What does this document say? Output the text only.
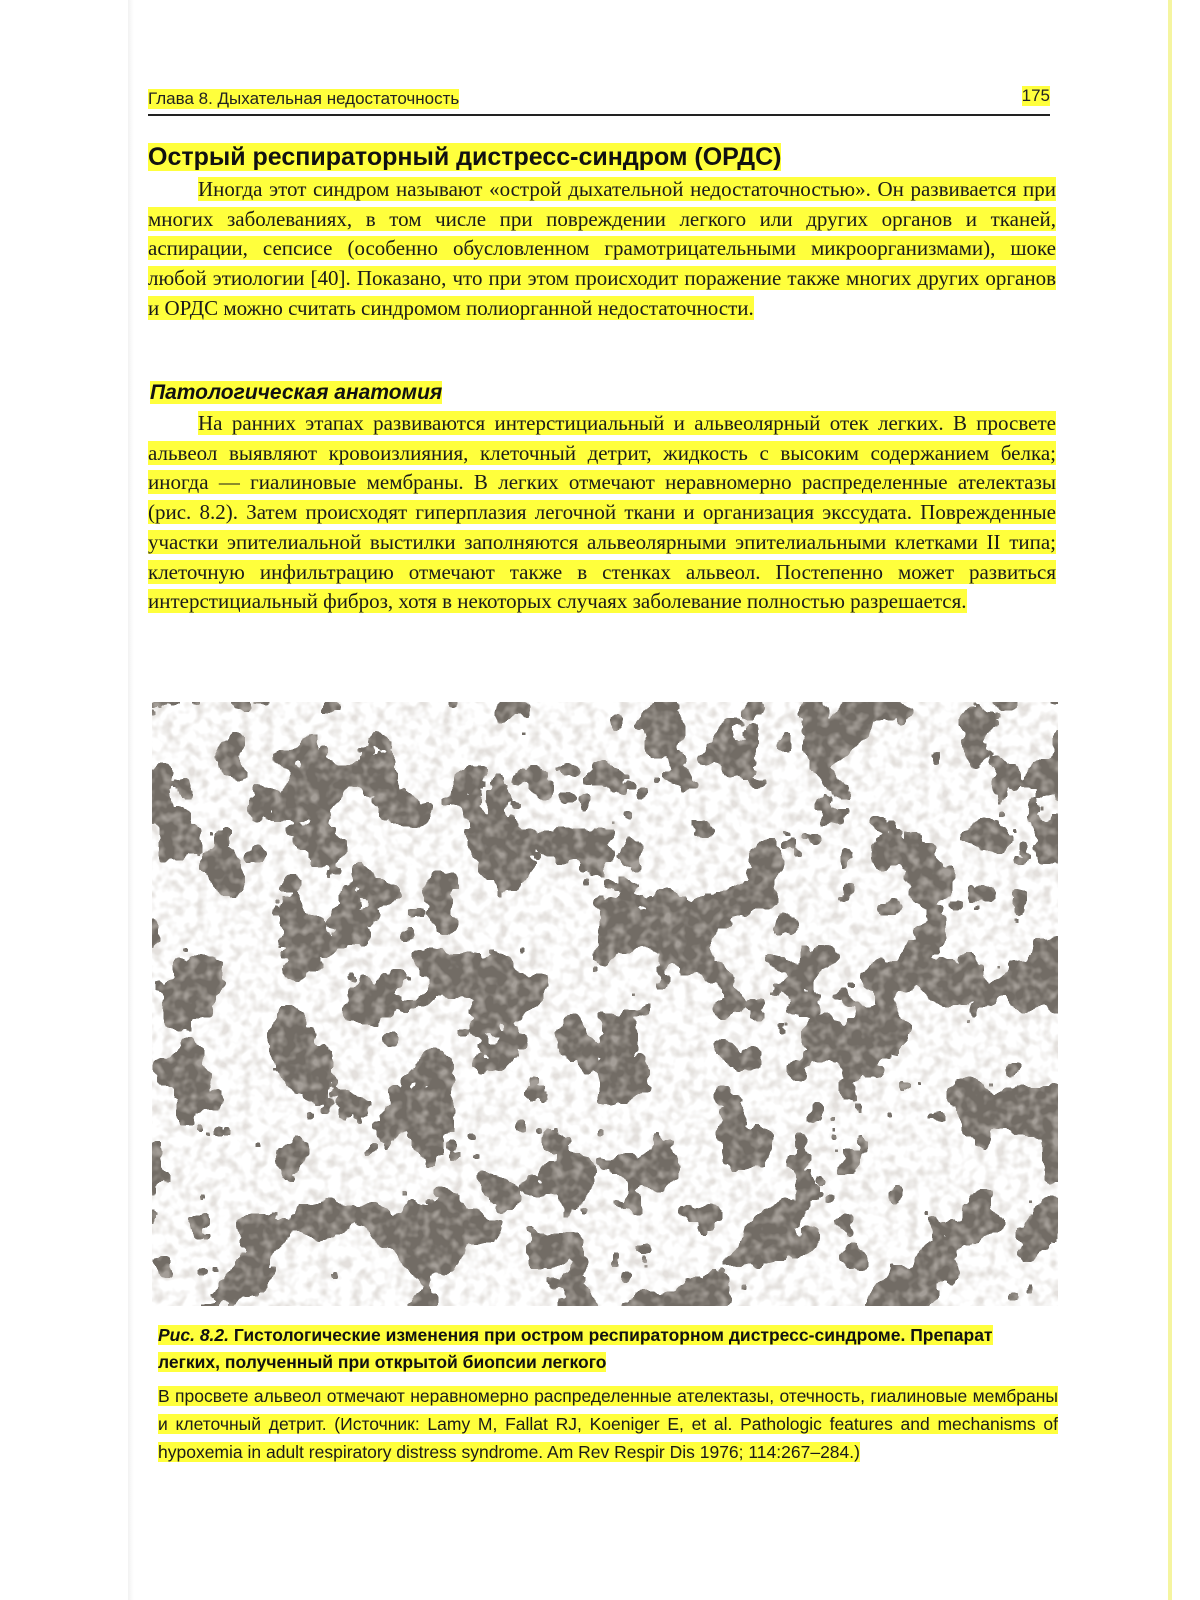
Глава 8. Дыхательная недостаточность	175
Острый респираторный дистресс-синдром (ОРДС)

Иногда этот синдром называют «острой дыхательной недостаточностью». Он развивается при многих заболеваниях, в том числе при повреждении легкого или других органов и тканей, аспирации, сепсисе (особенно обусловленном грамотрицательными микроорганизмами), шоке любой этиологии [40]. Показано, что при этом происходит поражение также многих других органов и ОРДС можно считать синдромом полиорганной недостаточности.

Патологическая анатомия

На ранних этапах развиваются интерстициальный и альвеолярный отек легких. В просвете альвеол выявляют кровоизлияния, клеточный детрит, жидкость с высоким содержанием белка; иногда — гиалиновые мембраны. В легких отмечают неравномерно распределенные ателектазы (рис. 8.2). Затем происходят гиперплазия легочной ткани и организация экссудата. Поврежденные участки эпителиальной выстилки заполняются альвеолярными эпителиальными клетками II типа; клеточную инфильтрацию отмечают также в стенках альвеол. Постепенно может развиться интерстициальный фиброз, хотя в некоторых случаях заболевание полностью разрешается.

Рис. 8.2. Гистологические изменения при остром респираторном дистресс-синдроме. Препарат легких, полученный при открытой биопсии легкого

В просвете альвеол отмечают неравномерно распределенные ателектазы, отечность, гиалиновые мембраны и клеточный детрит. (Источник: Lamy M, Fallat RJ, Koeniger E, et al. Pathologic features and mechanisms of hypoxemia in adult respiratory distress syndrome. Am Rev Respir Dis 1976; 114:267–284.)
